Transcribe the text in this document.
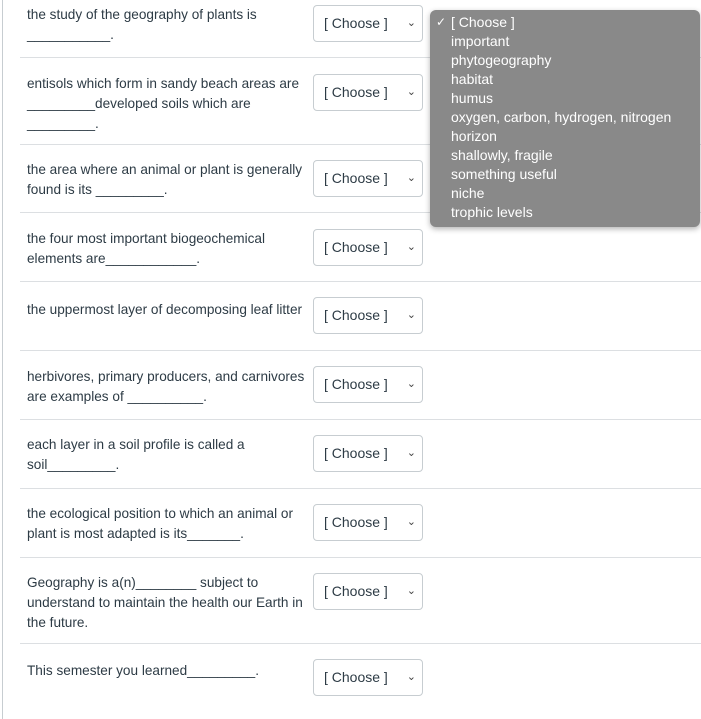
the study of the geography of plants is ___________.
[ Choose ] ⌄
entisols which form in sandy beach areas are _________developed soils which are _________.
[ Choose ] ⌄
the area where an animal or plant is generally found is its _________.
[ Choose ] ⌄
the four most important biogeochemical elements are____________.
[ Choose ] ⌄
the uppermost layer of decomposing leaf litter	[ Choose ] ⌄
herbivores, primary producers, and carnivores are examples of __________.
[ Choose ] ⌄
each layer in a soil profile is called a soil_________.
[ Choose ] ⌄
the ecological position to which an animal or plant is most adapted is its_______.
[ Choose ] ⌄
Geography is a(n)________ subject to understand to maintain the health our Earth in the future.
[ Choose ] ⌄
This semester you learned_________.	[ Choose ] ⌄
✓ [ Choose ]
important
phytogeography
habitat
humus
oxygen, carbon, hydrogen, nitrogen
horizon
shallowly, fragile
something useful
niche
trophic levels
